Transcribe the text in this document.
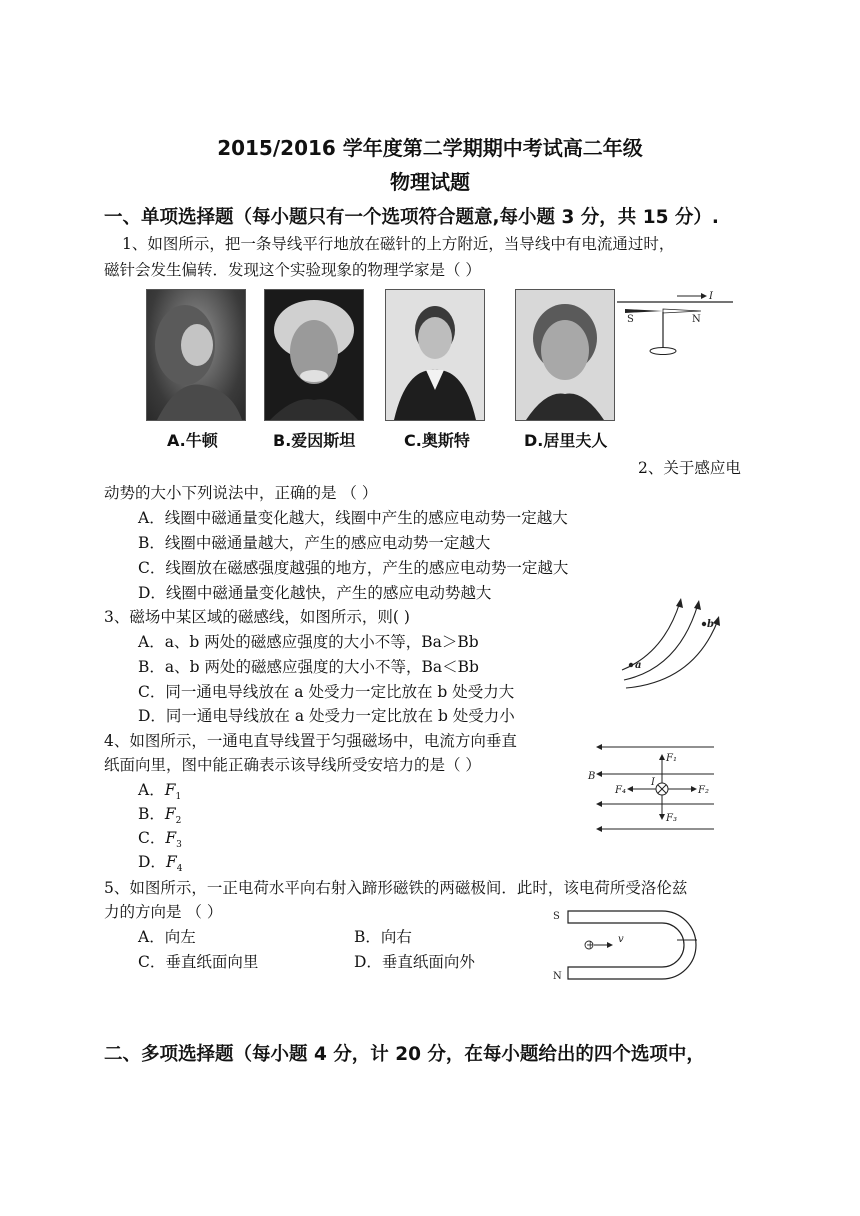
2015/2016 学年度第二学期期中考试高二年级
物理试题
一、单项选择题（每小题只有一个选项符合题意,每小题 3 分，共 15 分）.
1、如图所示，把一条导线平行地放在磁针的上方附近，当导线中有电流通过时，
磁针会发生偏转．发现这个实验现象的物理学家是（ ）
A.牛顿	B.爱因斯坦	C.奥斯特	D.居里夫人
I
S	N
2、关于感应电
动势的大小下列说法中，正确的是 （ ）
A．线圈中磁通量变化越大，线圈中产生的感应电动势一定越大
B．线圈中磁通量越大，产生的感应电动势一定越大
C．线圈放在磁感强度越强的地方，产生的感应电动势一定越大
D．线圈中磁通量变化越快，产生的感应电动势越大
3、磁场中某区域的磁感线，如图所示，则( )
A．a、b 两处的磁感应强度的大小不等，Ba＞Bb
B．a、b 两处的磁感应强度的大小不等，Ba＜Bb
C．同一通电导线放在 a 处受力一定比放在 b 处受力大
D．同一通电导线放在 a 处受力一定比放在 b 处受力小
b
a
4、如图所示，一通电直导线置于匀强磁场中，电流方向垂直
纸面向里，图中能正确表示该导线所受安培力的是（ ）
A．$F_1$
B．$F_2$
C．$F_3$
D．$F_4$
B
I
F₁
F₂
F₃
F₄
5、如图所示，一正电荷水平向右射入蹄形磁铁的两磁极间．此时，该电荷所受洛伦兹
力的方向是 （ ）
A．向左	B．向右
C．垂直纸面向里	D．垂直纸面向外
S
N
+
v
二、多项选择题（每小题 4 分，计 20 分，在每小题给出的四个选项中，
